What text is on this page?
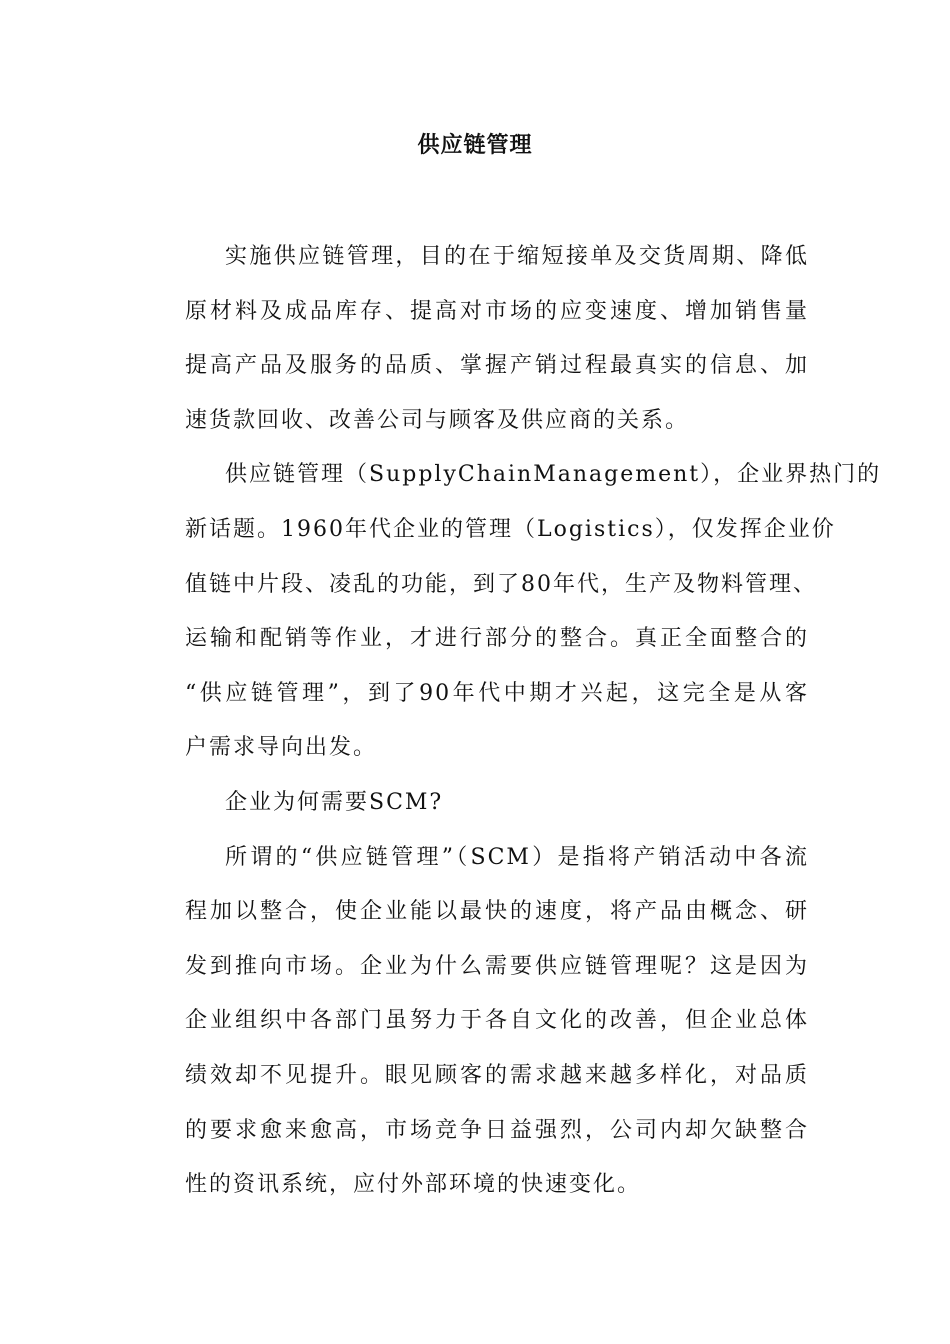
供应链管理

实施供应链管理，目的在于缩短接单及交货周期、降低
原材料及成品库存、提高对市场的应变速度、增加销售量
提高产品及服务的品质、掌握产销过程最真实的信息、加
速货款回收、改善公司与顾客及供应商的关系。

供应链管理（SupplyChainManagement），企业界热门的
新话题。1960年代企业的管理（Logistics），仅发挥企业价
值链中片段、凌乱的功能，到了80年代，生产及物料管理、
运输和配销等作业，才进行部分的整合。真正全面整合的
“供应链管理”，到了90年代中期才兴起，这完全是从客
户需求导向出发。

企业为何需要SCM?

所谓的“供应链管理”（SCM）是指将产销活动中各流
程加以整合，使企业能以最快的速度，将产品由概念、研
发到推向市场。企业为什么需要供应链管理呢？这是因为
企业组织中各部门虽努力于各自文化的改善，但企业总体
绩效却不见提升。眼见顾客的需求越来越多样化，对品质
的要求愈来愈高，市场竞争日益强烈，公司内却欠缺整合
性的资讯系统，应付外部环境的快速变化。
